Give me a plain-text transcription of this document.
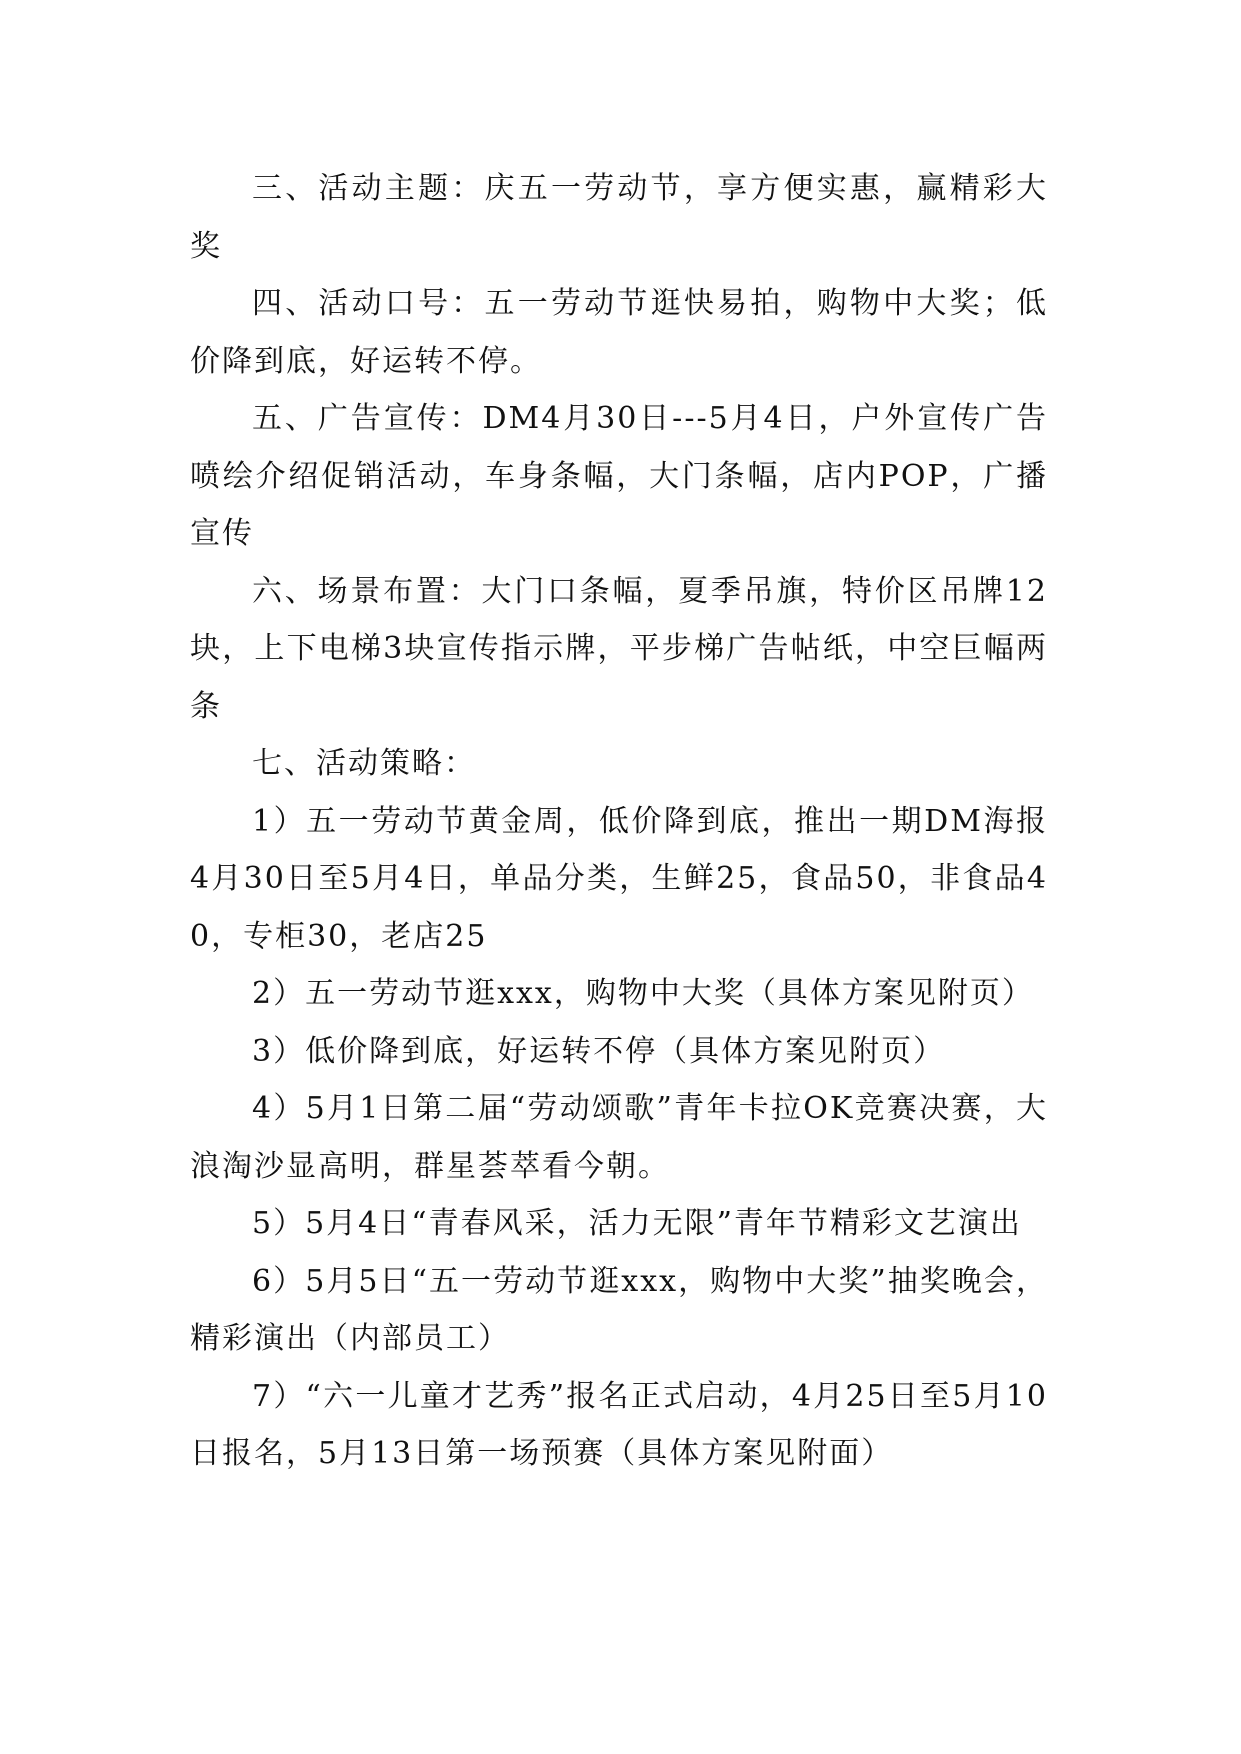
三、活动主题：庆五一劳动节，享方便实惠，赢精彩大奖

四、活动口号：五一劳动节逛快易拍，购物中大奖；低价降到底，好运转不停。

五、广告宣传：DM4月30日---5月4日，户外宣传广告喷绘介绍促销活动，车身条幅，大门条幅，店内POP，广播宣传

六、场景布置：大门口条幅，夏季吊旗，特价区吊牌12块，上下电梯3块宣传指示牌，平步梯广告帖纸，中空巨幅两条

七、活动策略：

1）五一劳动节黄金周，低价降到底，推出一期DM海报4月30日至5月4日，单品分类，生鲜25，食品50，非食品40，专柜30，老店25

2）五一劳动节逛xxx，购物中大奖（具体方案见附页）

3）低价降到底，好运转不停（具体方案见附页）

4）5月1日第二届“劳动颂歌”青年卡拉OK竞赛决赛，大浪淘沙显高明，群星荟萃看今朝。

5）5月4日“青春风采，活力无限”青年节精彩文艺演出

6）5月5日“五一劳动节逛xxx，购物中大奖”抽奖晚会，精彩演出（内部员工）

7）“六一儿童才艺秀”报名正式启动，4月25日至5月10日报名，5月13日第一场预赛（具体方案见附面）
